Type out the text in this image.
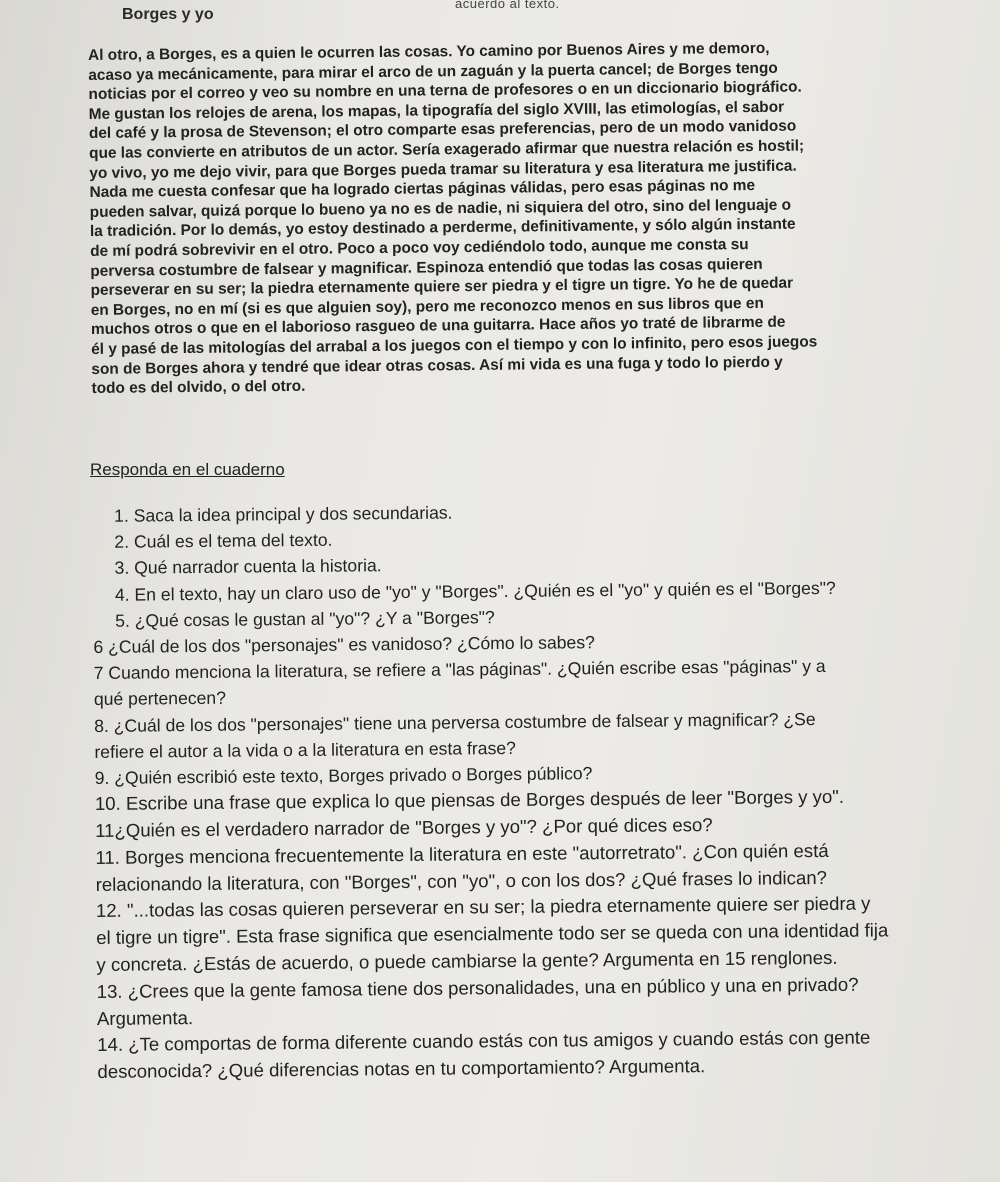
acuerdo al texto.
Borges y yo
Al otro, a Borges, es a quien le ocurren las cosas. Yo camino por Buenos Aires y me demoro,
acaso ya mecánicamente, para mirar el arco de un zaguán y la puerta cancel; de Borges tengo
noticias por el correo y veo su nombre en una terna de profesores o en un diccionario biográfico.
Me gustan los relojes de arena, los mapas, la tipografía del siglo XVIII, las etimologías, el sabor
del café y la prosa de Stevenson; el otro comparte esas preferencias, pero de un modo vanidoso
que las convierte en atributos de un actor. Sería exagerado afirmar que nuestra relación es hostil;
yo vivo, yo me dejo vivir, para que Borges pueda tramar su literatura y esa literatura me justifica.
Nada me cuesta confesar que ha logrado ciertas páginas válidas, pero esas páginas no me
pueden salvar, quizá porque lo bueno ya no es de nadie, ni siquiera del otro, sino del lenguaje o
la tradición. Por lo demás, yo estoy destinado a perderme, definitivamente, y sólo algún instante
de mí podrá sobrevivir en el otro. Poco a poco voy cediéndolo todo, aunque me consta su
perversa costumbre de falsear y magnificar. Espinoza entendió que todas las cosas quieren
perseverar en su ser; la piedra eternamente quiere ser piedra y el tigre un tigre. Yo he de quedar
en Borges, no en mí (si es que alguien soy), pero me reconozco menos en sus libros que en
muchos otros o que en el laborioso rasgueo de una guitarra. Hace años yo traté de librarme de
él y pasé de las mitologías del arrabal a los juegos con el tiempo y con lo infinito, pero esos juegos
son de Borges ahora y tendré que idear otras cosas. Así mi vida es una fuga y todo lo pierdo y
todo es del olvido, o del otro.
Responda en el cuaderno
1. Saca la idea principal y dos secundarias.
2. Cuál es el tema del texto.
3. Qué narrador cuenta la historia.
4. En el texto, hay un claro uso de "yo" y "Borges". ¿Quién es el "yo" y quién es el "Borges"?
5. ¿Qué cosas le gustan al "yo"? ¿Y a "Borges"?
6 ¿Cuál de los dos "personajes" es vanidoso? ¿Cómo lo sabes?
7 Cuando menciona la literatura, se refiere a "las páginas". ¿Quién escribe esas "páginas" y a
qué pertenecen?
8. ¿Cuál de los dos "personajes" tiene una perversa costumbre de falsear y magnificar? ¿Se
refiere el autor a la vida o a la literatura en esta frase?
9. ¿Quién escribió este texto, Borges privado o Borges público?
10. Escribe una frase que explica lo que piensas de Borges después de leer "Borges y yo".
11¿Quién es el verdadero narrador de "Borges y yo"? ¿Por qué dices eso?
11. Borges menciona frecuentemente la literatura en este "autorretrato". ¿Con quién está
relacionando la literatura, con "Borges", con "yo", o con los dos? ¿Qué frases lo indican?
12. "...todas las cosas quieren perseverar en su ser; la piedra eternamente quiere ser piedra y
el tigre un tigre". Esta frase significa que esencialmente todo ser se queda con una identidad fija
y concreta. ¿Estás de acuerdo, o puede cambiarse la gente? Argumenta en 15 renglones.
13. ¿Crees que la gente famosa tiene dos personalidades, una en público y una en privado?
Argumenta.
14. ¿Te comportas de forma diferente cuando estás con tus amigos y cuando estás con gente
desconocida? ¿Qué diferencias notas en tu comportamiento? Argumenta.
